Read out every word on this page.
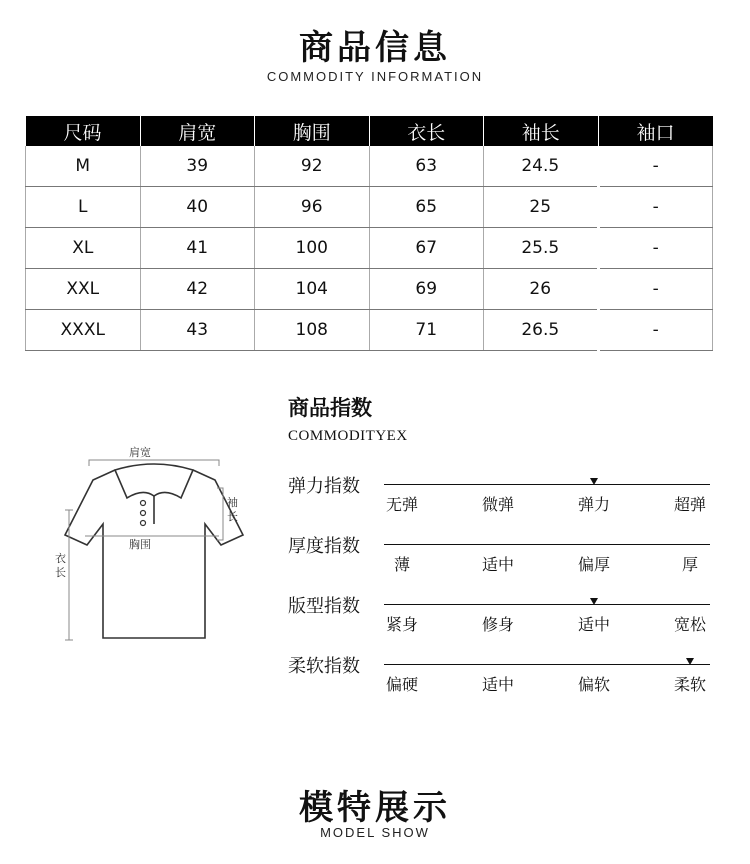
商品信息
COMMODITY INFORMATION
尺码	肩宽	胸围	衣长	袖长	袖口
M	39	92	63	24.5	-
L	40	96	65	25	-
XL	41	100	67	25.5	-
XXL	42	104	69	26	-
XXXL	43	108	71	26.5	-
肩宽
胸围
袖
长
衣
长
商品指数
COMMODITYEX
弹力指数
无弹	微弹	弹力	超弹
厚度指数
薄	适中	偏厚	厚
版型指数
紧身	修身	适中	宽松
柔软指数
偏硬	适中	偏软	柔软
模特展示
MODEL SHOW
